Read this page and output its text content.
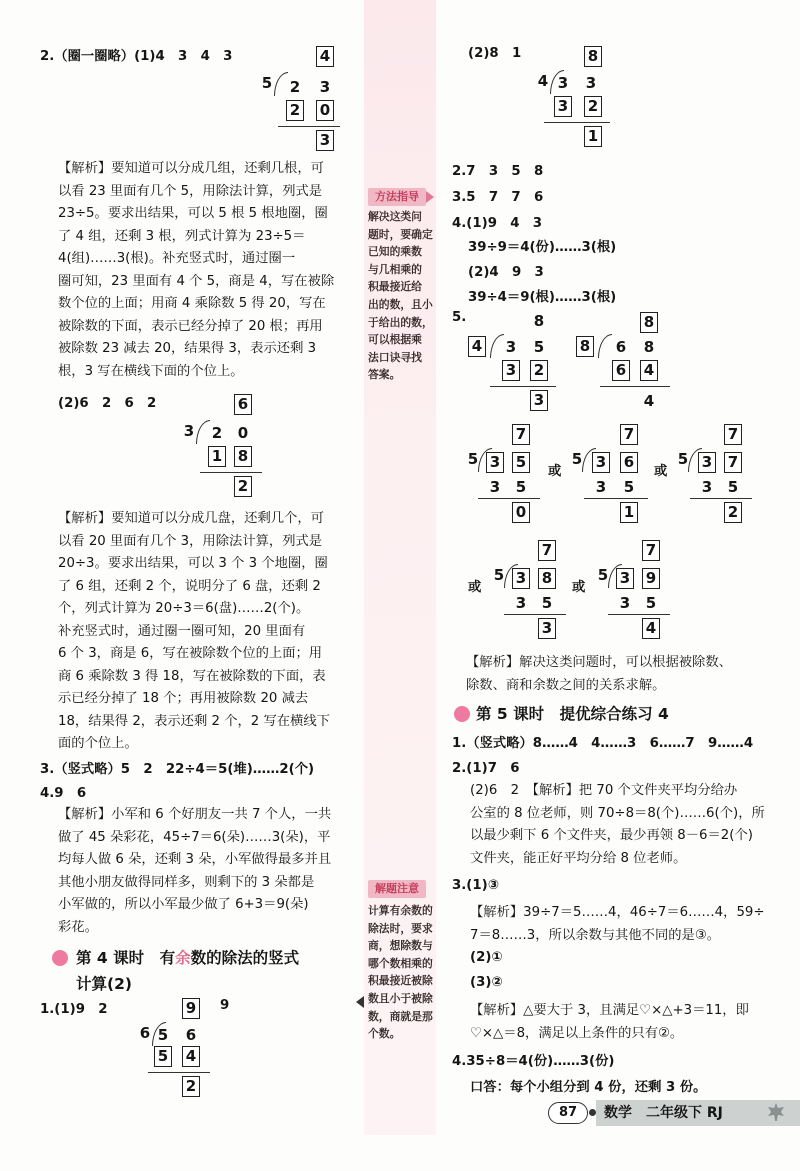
方法指导
解决这类问
题时，要确定
已知的乘数
与几相乘的
积最接近给
出的数，且小
于给出的数，
可以根据乘
法口诀寻找
答案。
解题注意
计算有余数的
除法时，要求
商，想除数与
哪个数相乘的
积最接近被除
数且小于被除
数，商就是那
个数。
2.（圈一圈略）(1)4　3　4　3	4
5 2 3
2 0
3
【解析】要知道可以分成几组，还剩几根，可
以看 23 里面有几个 5，用除法计算，列式是
23÷5。要求出结果，可以 5 根 5 根地圈，圈
了 4 组，还剩 3 根，列式计算为 23÷5＝
4(组)……3(根)。补充竖式时，通过圈一
圈可知，23 里面有 4 个 5，商是 4，写在被除
数个位的上面；用商 4 乘除数 5 得 20，写在
被除数的下面，表示已经分掉了 20 根；再用
被除数 23 减去 20，结果得 3，表示还剩 3
根，3 写在横线下面的个位上。
(2)6　2　6　2	6
3 2 0
1 8
2
【解析】要知道可以分成几盘，还剩几个，可
以看 20 里面有几个 3，用除法计算，列式是
20÷3。要求出结果，可以 3 个 3 个地圈，圈
了 6 组，还剩 2 个，说明分了 6 盘，还剩 2
个，列式计算为 20÷3＝6(盘)……2(个)。
补充竖式时，通过圈一圈可知，20 里面有
6 个 3，商是 6，写在被除数个位的上面；用
商 6 乘除数 3 得 18，写在被除数的下面，表
示已经分掉了 18 个；再用被除数 20 减去
18，结果得 2，表示还剩 2 个，2 写在横线下
面的个位上。
3.（竖式略）5　2　22÷4＝5(堆)……2(个)
4.9　6
【解析】小军和 6 个好朋友一共 7 个人，一共
做了 45 朵彩花，45÷7＝6(朵)……3(朵)，平
均每人做 6 朵，还剩 3 朵，小军做得最多并且
其他小朋友做得同样多，则剩下的 3 朵都是
小军做的，所以小军最少做了 6+3＝9(朵)
彩花。
第 4 课时　有余数的除法的竖式
计算(2)
1.(1)9　2	9
9
6 5 6
5 4
2
(2)8　1	8
4 3 3
3 2
1
2.7　3　5　8
3.5　7　7　6
4.(1)9　4　3
39÷9＝4(份)……3(根)
(2)4　9　3
39÷4＝9(根)……3(根)
5.	8
4 3 5
3 2
3
8
8 6 8
6 4
4
7
5 3 5
3 5
0
或
7
5 3 6
3 5
1
或
7
5 3 7
3 5
2
或
7
5 3 8
3 5
3
或
7
5 3 9
3 5
4
【解析】解决这类问题时，可以根据被除数、
除数、商和余数之间的关系求解。
第 5 课时　提优综合练习 4
1.（竖式略）8……4　4……3　6……7　9……4
2.(1)7　6
(2)6　2　【解析】把 70 个文件夹平均分给办
公室的 8 位老师，则 70÷8＝8(个)……6(个)，所
以最少剩下 6 个文件夹，最少再领 8－6＝2(个)
文件夹，能正好平均分给 8 位老师。
3.(1)③
【解析】39÷7＝5……4，46÷7＝6……4，59÷
7＝8……3，所以余数与其他不同的是③。
(2)①
(3)②
【解析】△要大于 3，且满足♡×△+3＝11，即
♡×△＝8，满足以上条件的只有②。
4.35÷8＝4(份)……3(份)
口答：每个小组分到 4 份，还剩 3 份。
87	数学　二年级下 RJ
